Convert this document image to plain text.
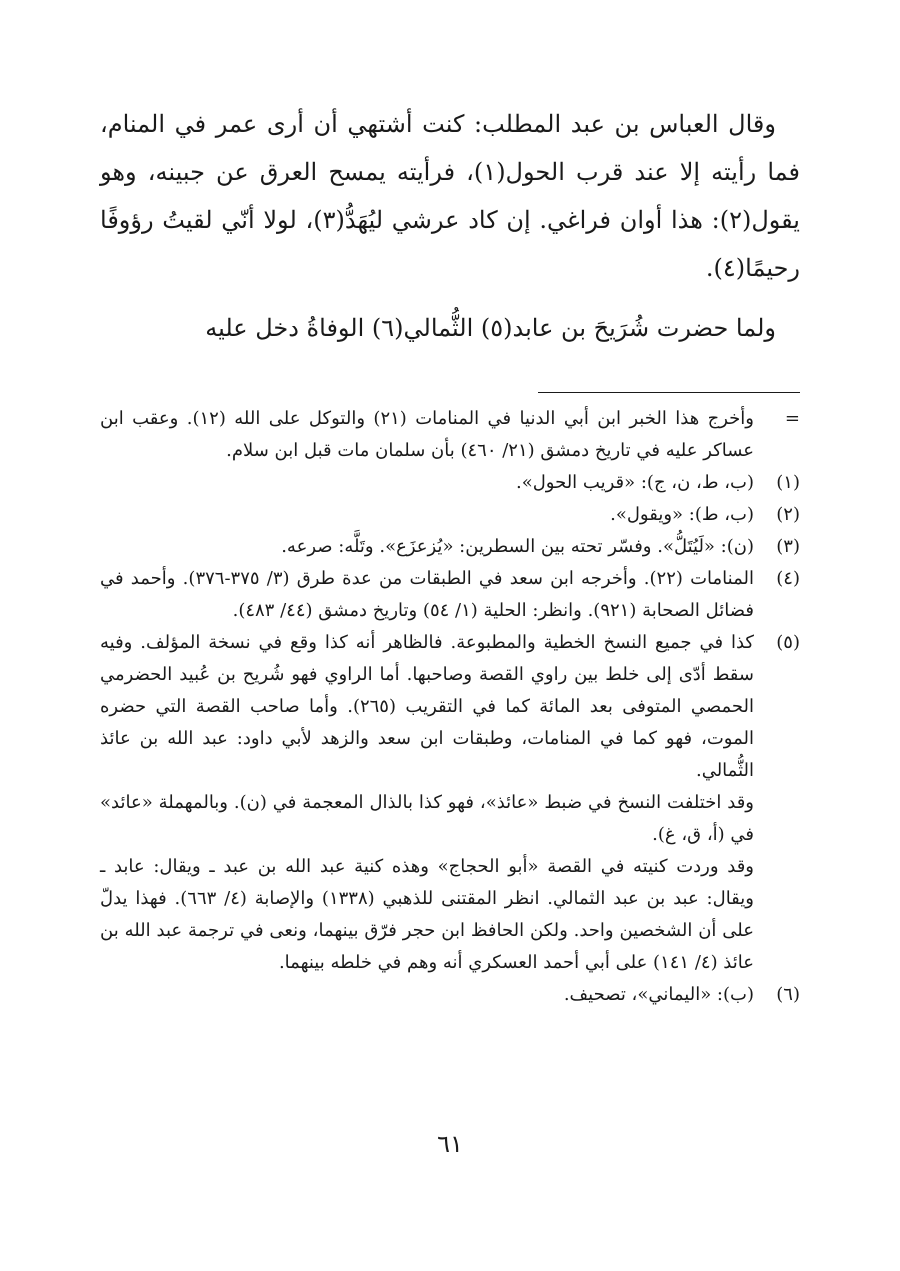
وقال العباس بن عبد المطلب: كنت أشتهي أن أرى عمر في المنام، فما رأيته إلا عند قرب الحول(١)، فرأيته يمسح العرق عن جبينه، وهو يقول(٢): هذا أوان فراغي. إن كاد عرشي ليُهَدُّ(٣)، لولا أنّي لقيتُ رؤوفًا رحيمًا(٤).

ولما حضرت شُرَيحَ بن عابد(٥) الثُّمالي(٦) الوفاةُ دخل عليه

=

وأخرج هذا الخبر ابن أبي الدنيا في المنامات (٢١) والتوكل على الله (١٢). وعقب ابن عساكر عليه في تاريخ دمشق (٢١/ ٤٦٠) بأن سلمان مات قبل ابن سلام.

(١)

(ب، ط، ن، ج): «قريب الحول».

(٢)

(ب، ط): «ويقول».

(٣)

(ن): «لَيُتَلُّ». وفسّر تحته بين السطرين: «يُزعزَع». وتَلَّه: صرعه.

(٤)

المنامات (٢٢). وأخرجه ابن سعد في الطبقات من عدة طرق (٣/ ٣٧٥-٣٧٦). وأحمد في فضائل الصحابة (٩٢١). وانظر: الحلية (١/ ٥٤) وتاريخ دمشق (٤٤/ ٤٨٣).

(٥)

كذا في جميع النسخ الخطية والمطبوعة. فالظاهر أنه كذا وقع في نسخة المؤلف. وفيه سقط أدّى إلى خلط بين راوي القصة وصاحبها. أما الراوي فهو شُريح بن عُبيد الحضرمي الحمصي المتوفى بعد المائة كما في التقريب (٢٦٥). وأما صاحب القصة التي حضره الموت، فهو كما في المنامات، وطبقات ابن سعد والزهد لأبي داود: عبد الله بن عائذ الثُّمالي.

وقد اختلفت النسخ في ضبط «عائذ»، فهو كذا بالذال المعجمة في (ن). وبالمهملة «عائد» في (أ، ق، غ).

وقد وردت كنيته في القصة «أبو الحجاج» وهذه كنية عبد الله بن عبد ـ ويقال: عابد ـ ويقال: عبد بن عبد الثمالي. انظر المقتنى للذهبي (١٣٣٨) والإصابة (٤/ ٦٦٣). فهذا يدلّ على أن الشخصين واحد. ولكن الحافظ ابن حجر فرّق بينهما، ونعى في ترجمة عبد الله بن عائذ (٤/ ١٤١) على أبي أحمد العسكري أنه وهم في خلطه بينهما.

(٦)

(ب): «اليماني»، تصحيف.

٦١
